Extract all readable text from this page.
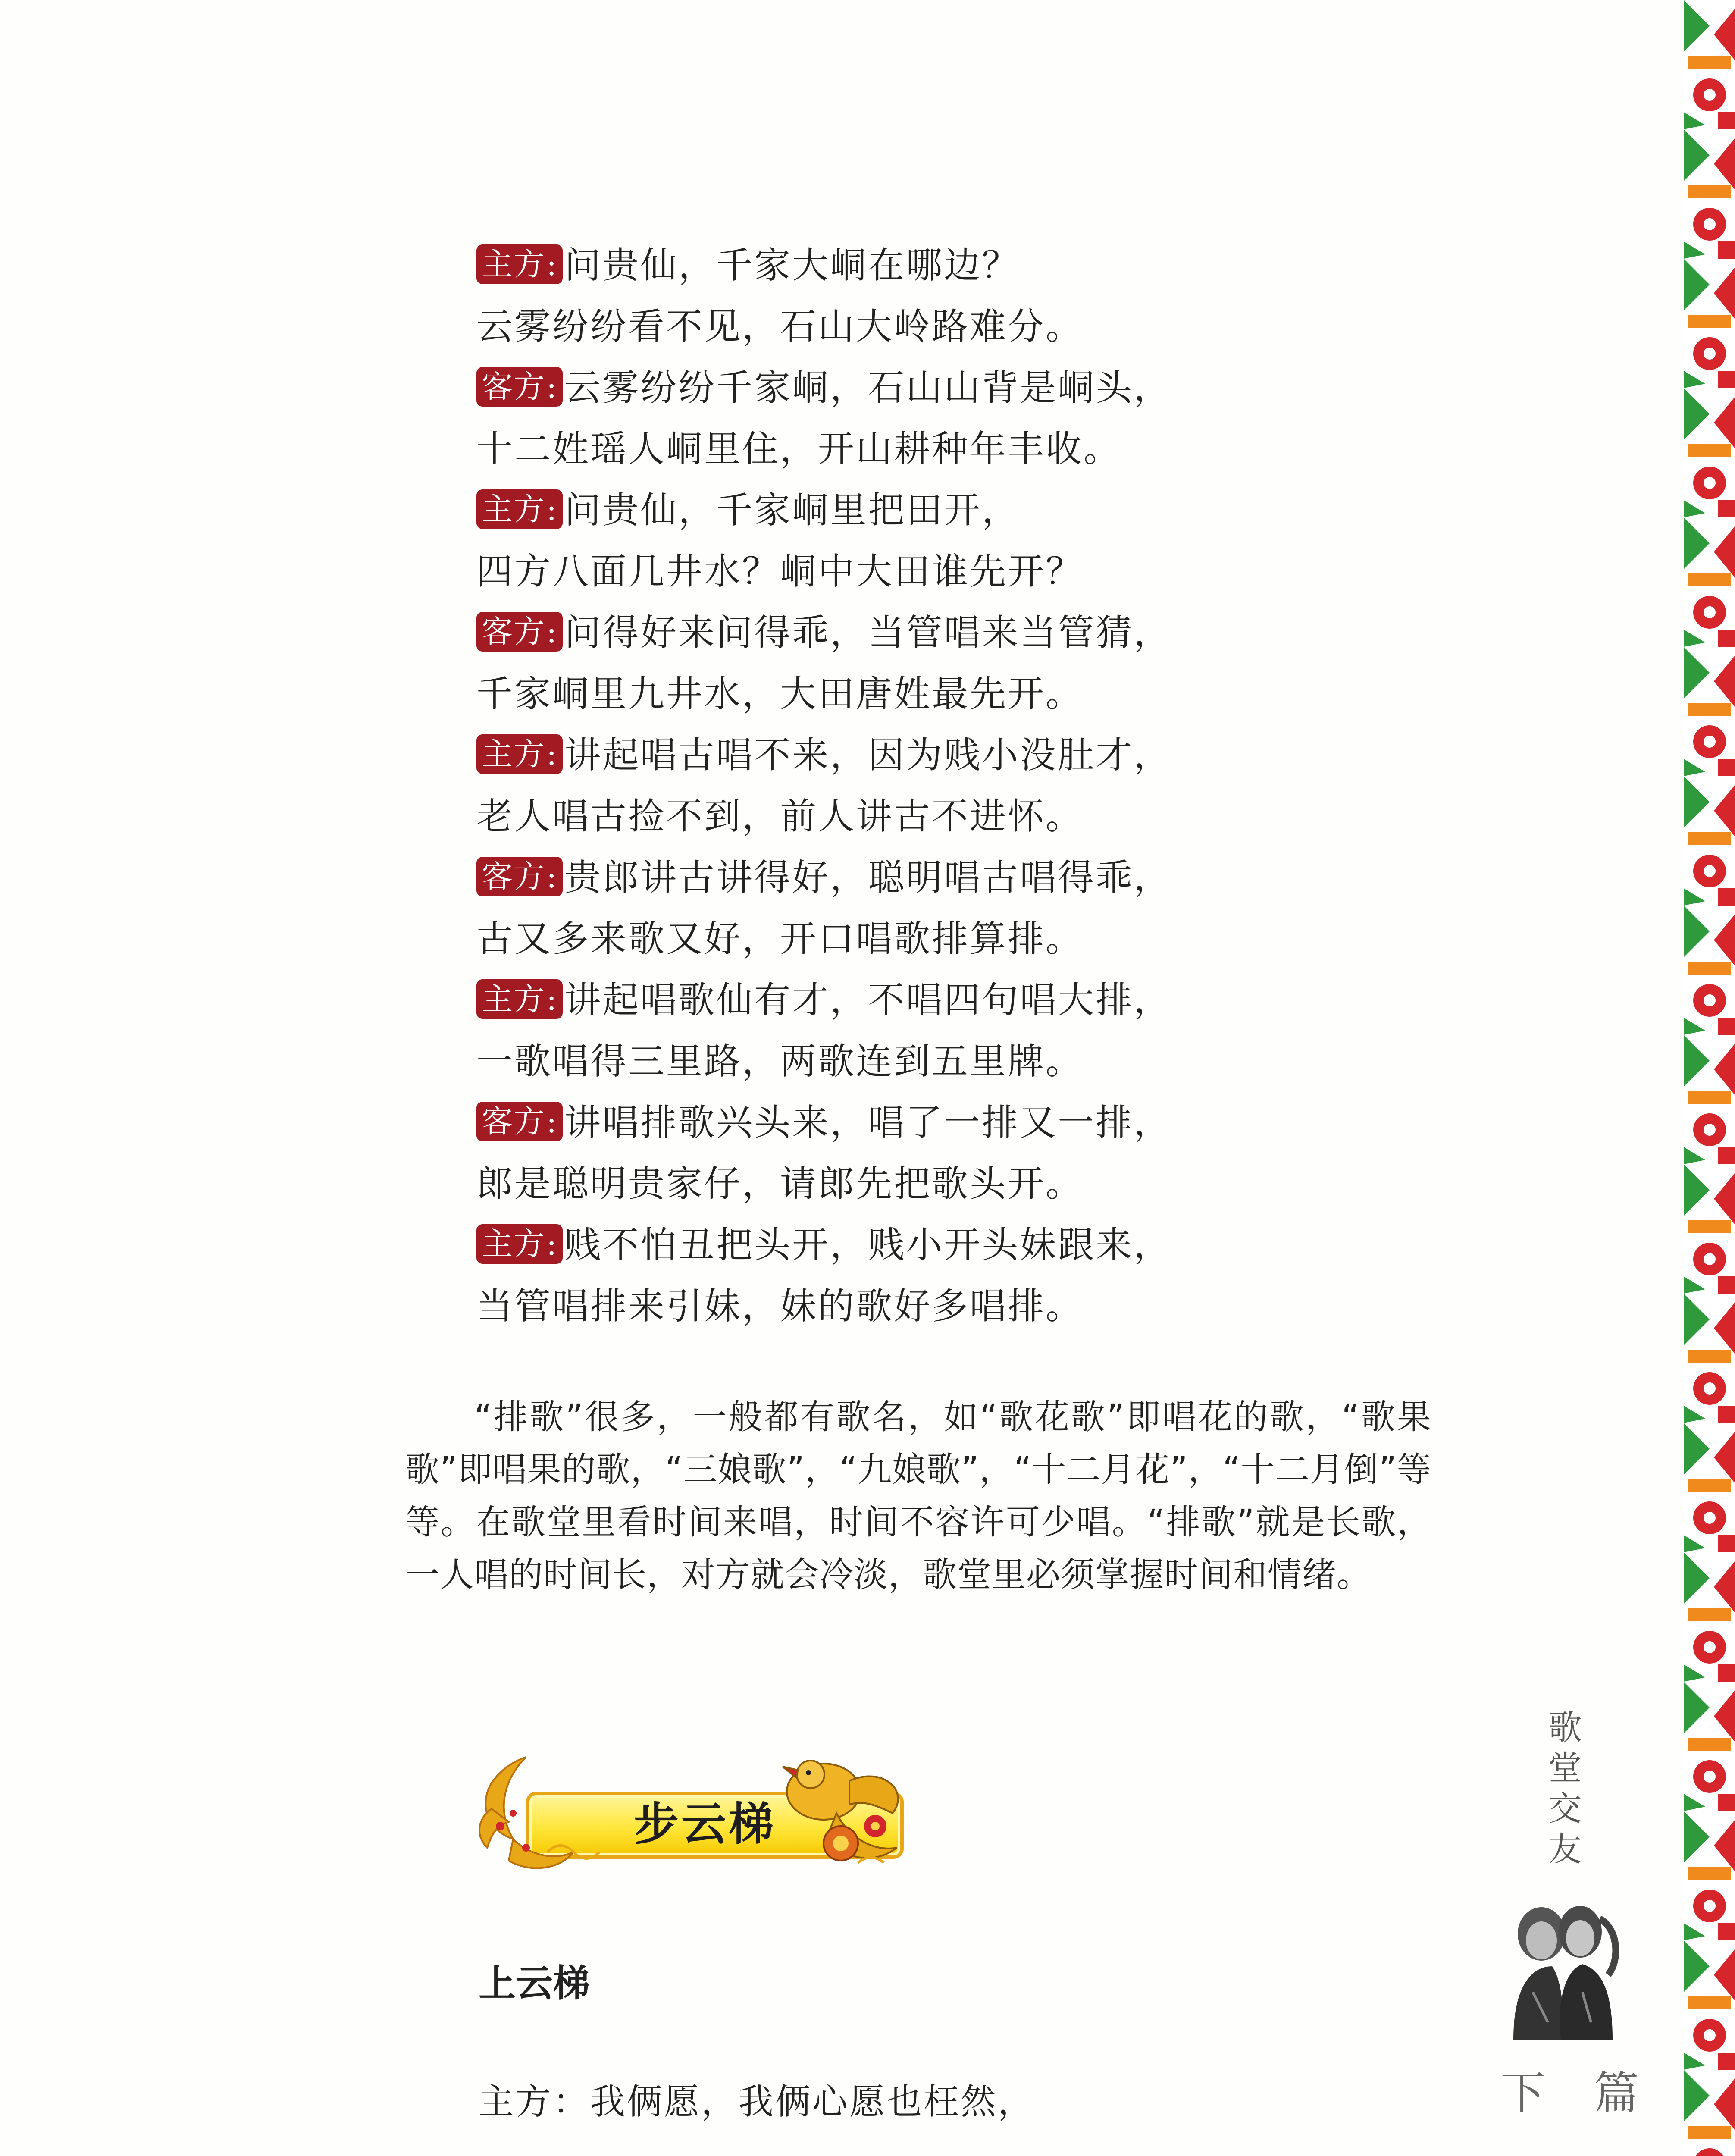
主方 : 问贵仙，千家大峒在哪边？
云雾纷纷看不见，石山大岭路难分。
客方 : 云雾纷纷千家峒，石山山背是峒头，
十二姓瑶人峒里住，开山耕种年丰收。
主方 : 问贵仙，千家峒里把田开，
四方八面几井水？峒中大田谁先开？
客方 : 问得好来问得乖，当管唱来当管猜，
千家峒里九井水，大田唐姓最先开。
主方 : 讲起唱古唱不来，因为贱小没肚才，
老人唱古捡不到，前人讲古不进怀。
客方 : 贵郎讲古讲得好，聪明唱古唱得乖，
古又多来歌又好，开口唱歌排算排。
主方 : 讲起唱歌仙有才，不唱四句唱大排，
一歌唱得三里路，两歌连到五里牌。
客方 : 讲唱排歌兴头来，唱了一排又一排，
郎是聪明贵家仔，请郎先把歌头开。
主方 : 贱不怕丑把头开，贱小开头妹跟来，
当管唱排来引妹，妹的歌好多唱排。
“排歌”很多，一般都有歌名，如“歌花歌”即唱花的歌，“歌果歌”即唱果的歌，“三娘歌”，“九娘歌”，“十二月花”，“十二月倒”等等。在歌堂里看时间来唱，时间不容许可少唱。“排歌”就是长歌，一人唱的时间长，对方就会冷淡，歌堂里必须掌握时间和情绪。
步云梯
上云梯
主方：我俩愿，我俩心愿也枉然，
歌
堂
交
友
下 篇
